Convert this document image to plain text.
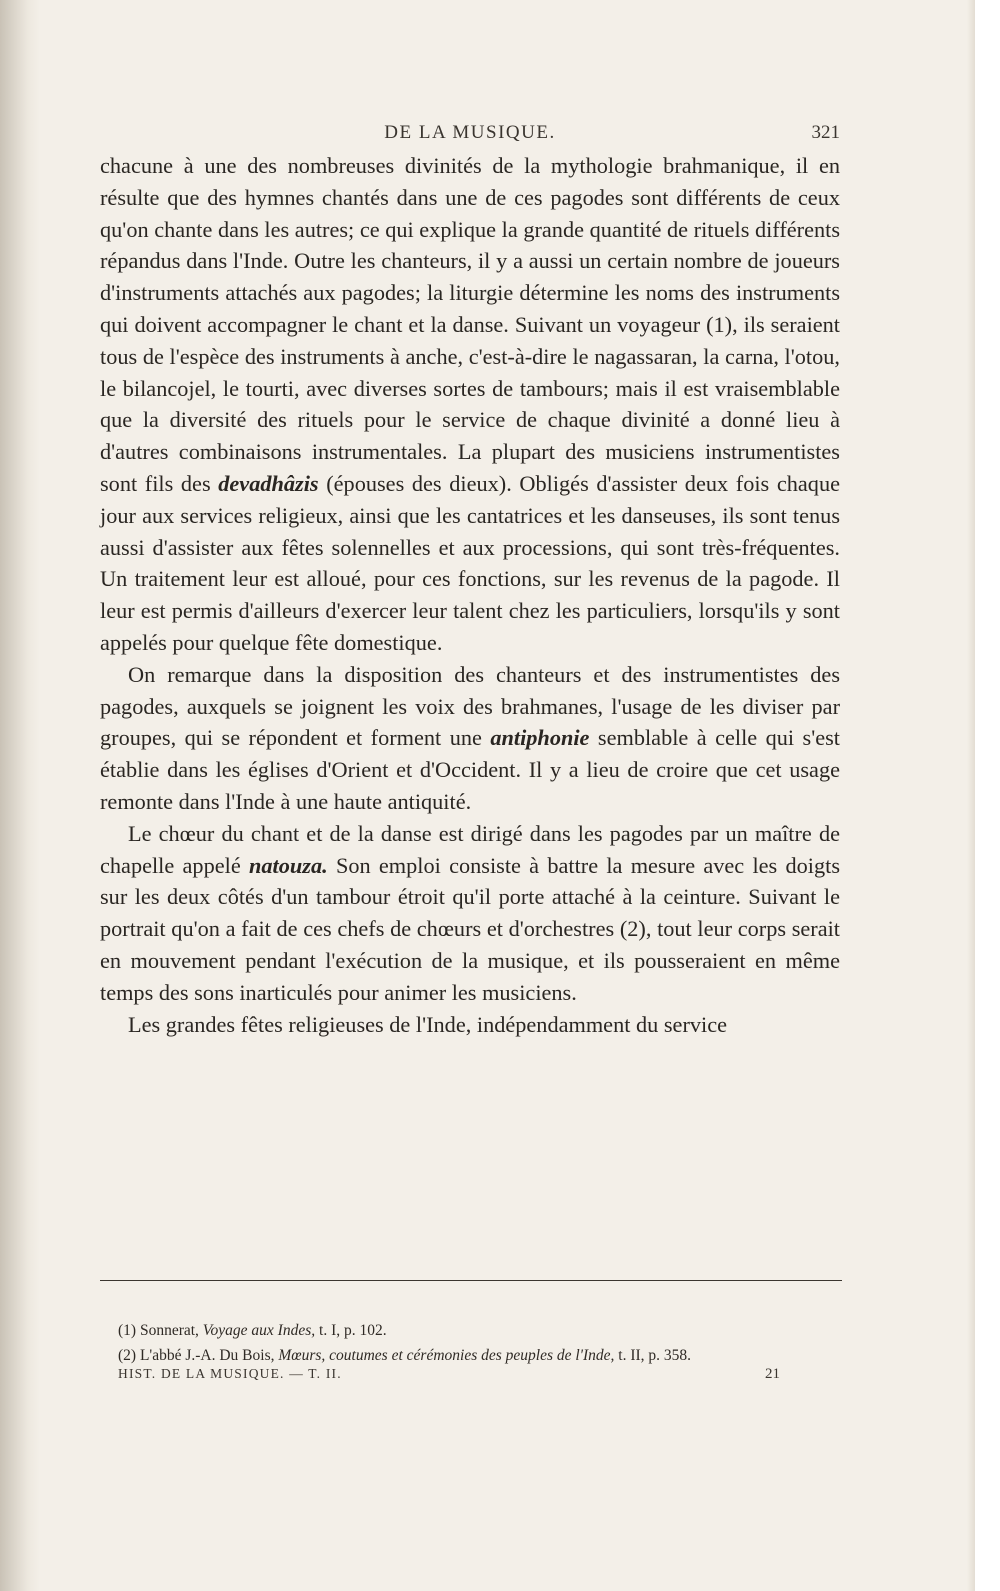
DE LA MUSIQUE.	321

chacune à une des nombreuses divinités de la mythologie brahmanique, il en résulte que des hymnes chantés dans une de ces pagodes sont différents de ceux qu'on chante dans les autres; ce qui explique la grande quantité de rituels différents répandus dans l'Inde. Outre les chanteurs, il y a aussi un certain nombre de joueurs d'instruments attachés aux pagodes; la liturgie détermine les noms des instruments qui doivent accompagner le chant et la danse. Suivant un voyageur (1), ils seraient tous de l'espèce des instruments à anche, c'est-à-dire le nagassaran, la carna, l'otou, le bilancojel, le tourti, avec diverses sortes de tambours; mais il est vraisemblable que la diversité des rituels pour le service de chaque divinité a donné lieu à d'autres combinaisons instrumentales. La plupart des musiciens instrumentistes sont fils des devadhâzis (épouses des dieux). Obligés d'assister deux fois chaque jour aux services religieux, ainsi que les cantatrices et les danseuses, ils sont tenus aussi d'assister aux fêtes solennelles et aux processions, qui sont très-fréquentes. Un traitement leur est alloué, pour ces fonctions, sur les revenus de la pagode. Il leur est permis d'ailleurs d'exercer leur talent chez les particuliers, lorsqu'ils y sont appelés pour quelque fête domestique.

On remarque dans la disposition des chanteurs et des instrumentistes des pagodes, auxquels se joignent les voix des brahmanes, l'usage de les diviser par groupes, qui se répondent et forment une antiphonie semblable à celle qui s'est établie dans les églises d'Orient et d'Occident. Il y a lieu de croire que cet usage remonte dans l'Inde à une haute antiquité.

Le chœur du chant et de la danse est dirigé dans les pagodes par un maître de chapelle appelé natouza. Son emploi consiste à battre la mesure avec les doigts sur les deux côtés d'un tambour étroit qu'il porte attaché à la ceinture. Suivant le portrait qu'on a fait de ces chefs de chœurs et d'orchestres (2), tout leur corps serait en mouvement pendant l'exécution de la musique, et ils pousseraient en même temps des sons inarticulés pour animer les musiciens.

Les grandes fêtes religieuses de l'Inde, indépendamment du service

(1) Sonnerat, Voyage aux Indes, t. I, p. 102.

(2) L'abbé J.-A. Du Bois, Mœurs, coutumes et cérémonies des peuples de l'Inde, t. II, p. 358.

HIST. DE LA MUSIQUE. — T. II.	21
